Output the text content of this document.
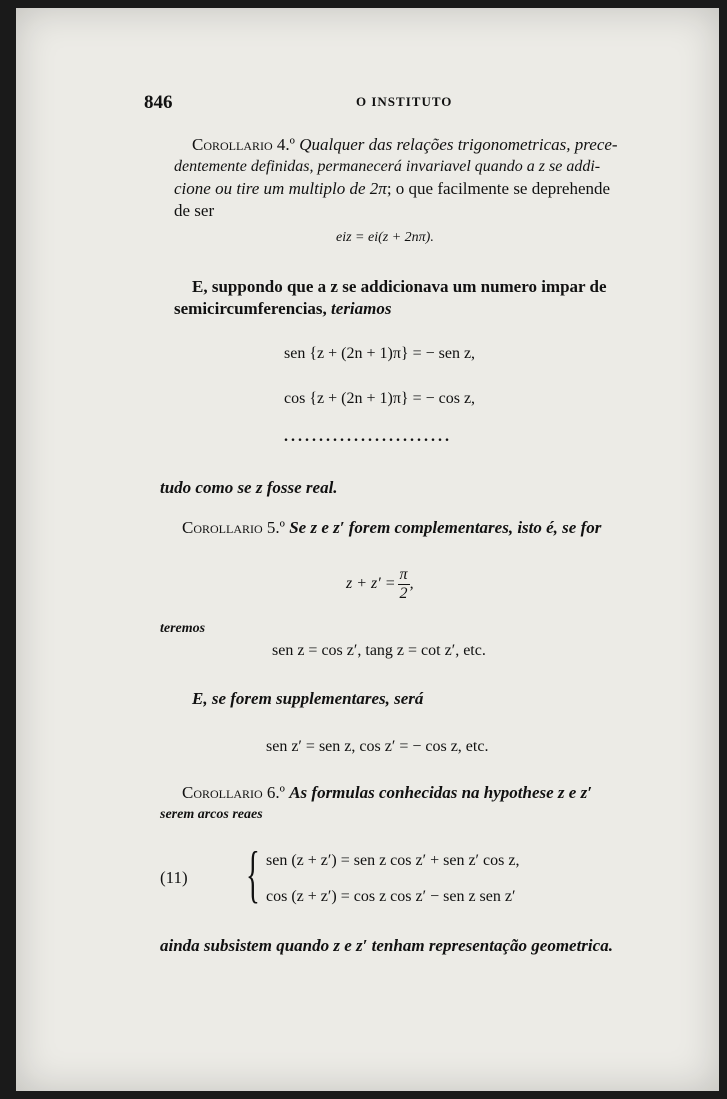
846	O INSTITUTO
Corollario 4.º Qualquer das relações trigonometricas, prece-
dentemente definidas, permanecerá invariavel quando a z se addi-
cione ou tire um multiplo de 2π; o que facilmente se deprehende
de ser
eiz = ei(z + 2nπ).
E, suppondo que a z se addicionava um numero impar de
semicircumferencias, teriamos
sen {z + (2n + 1)π} = − sen z,
cos {z + (2n + 1)π} = − cos z,
........................
tudo como se z fosse real.
Corollario 5.º Se z e z′ forem complementares, isto é, se for
$z + z' = \frac{\pi}{2}$ ,
teremos
sen z = cos z′, tang z = cot z′, etc.
E, se forem supplementares, será
sen z′ = sen z, cos z′ = − cos z, etc.
Corollario 6.º As formulas conhecidas na hypothese z e z′
serem arcos reaes
(11) { sen (z + z′) = sen z cos z′ + sen z′ cos z,
cos (z + z′) = cos z cos z′ − sen z sen z′
ainda subsistem quando z e z′ tenham representação geometrica.
